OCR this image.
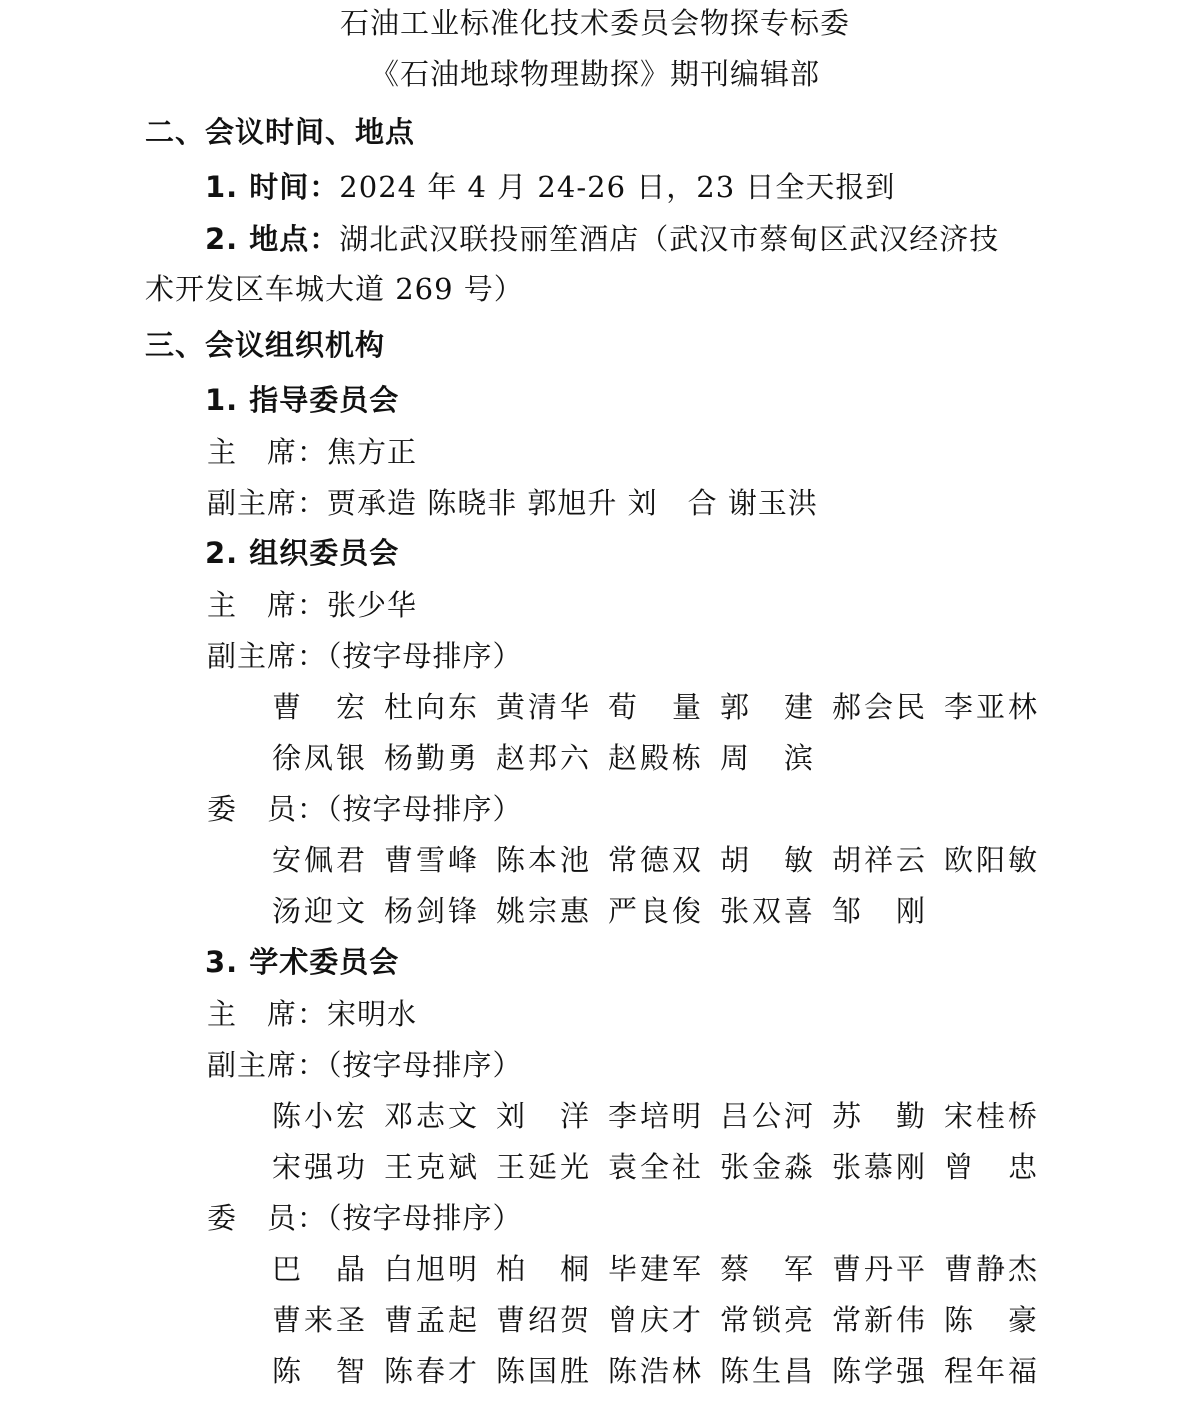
石油工业标准化技术委员会物探专标委
《石油地球物理勘探》期刊编辑部
二、会议时间、地点
1. 时间：2024 年 4 月 24-26 日，23 日全天报到
2. 地点：湖北武汉联投丽笙酒店（武汉市蔡甸区武汉经济技
术开发区车城大道 269 号）
三、会议组织机构
1. 指导委员会
主　席：焦方正
副主席：贾承造 陈晓非 郭旭升 刘　合 谢玉洪
2. 组织委员会
主　席：张少华
副主席：（按字母排序）
曹　宏 杜向东 黄清华 荀　量 郭　建 郝会民 李亚林
徐凤银 杨勤勇 赵邦六 赵殿栋 周　滨
委　员：（按字母排序）
安佩君 曹雪峰 陈本池 常德双 胡　敏 胡祥云 欧阳敏
汤迎文 杨剑锋 姚宗惠 严良俊 张双喜 邹　刚
3. 学术委员会
主　席：宋明水
副主席：（按字母排序）
陈小宏 邓志文 刘　洋 李培明 吕公河 苏　勤 宋桂桥
宋强功 王克斌 王延光 袁全社 张金淼 张慕刚 曾　忠
委　员：（按字母排序）
巴　晶 白旭明 柏　桐 毕建军 蔡　军 曹丹平 曹静杰
曹来圣 曹孟起 曹绍贺 曾庆才 常锁亮 常新伟 陈　豪
陈　智 陈春才 陈国胜 陈浩林 陈生昌 陈学强 程年福
